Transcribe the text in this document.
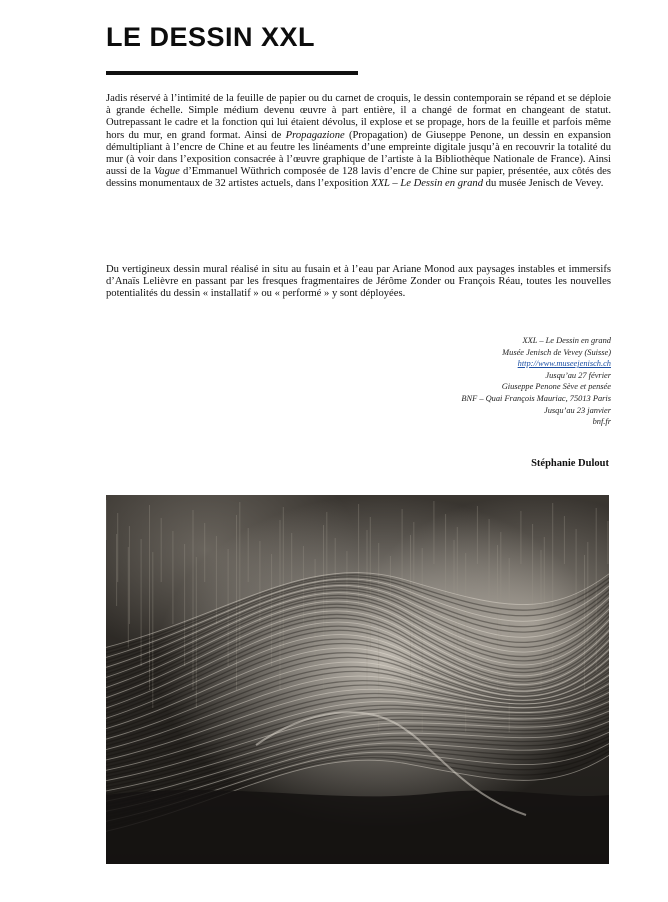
LE DESSIN XXL

Jadis réservé à l’intimité de la feuille de papier ou du carnet de croquis, le dessin contemporain se répand et se déploie à grande échelle. Simple médium devenu œuvre à part entière, il a changé de format en changeant de statut. Outrepassant le cadre et la fonction qui lui étaient dévolus, il explose et se propage, hors de la feuille et parfois même hors du mur, en grand format. Ainsi de Propagazione (Propagation) de Giuseppe Penone, un dessin en expansion démultipliant à l’encre de Chine et au feutre les linéaments d’une empreinte digitale jusqu’à en recouvrir la totalité du mur (à voir dans l’exposition consacrée à l’œuvre graphique de l’artiste à la Bibliothèque Nationale de France). Ainsi aussi de la Vague d’Emmanuel Wüthrich composée de 128 lavis d’encre de Chine sur papier, présentée, aux côtés des dessins monumentaux de 32 artistes actuels, dans l’exposition XXL – Le Dessin en grand du musée Jenisch de Vevey.

Du vertigineux dessin mural réalisé in situ au fusain et à l’eau par Ariane Monod aux paysages instables et immersifs d’Anaïs Lelièvre en passant par les fresques fragmentaires de Jérôme Zonder ou François Réau, toutes les nouvelles potentialités du dessin « installatif » ou « performé » y sont déployées.

XXL – Le Dessin en grand
Musée Jenisch de Vevey (Suisse)
http://www.museejenisch.ch
Jusqu’au 27 février
Giuseppe Penone Sève et pensée
BNF – Quai François Mauriac, 75013 Paris
Jusqu’au 23 janvier
bnf.fr
Stéphanie Dulout
